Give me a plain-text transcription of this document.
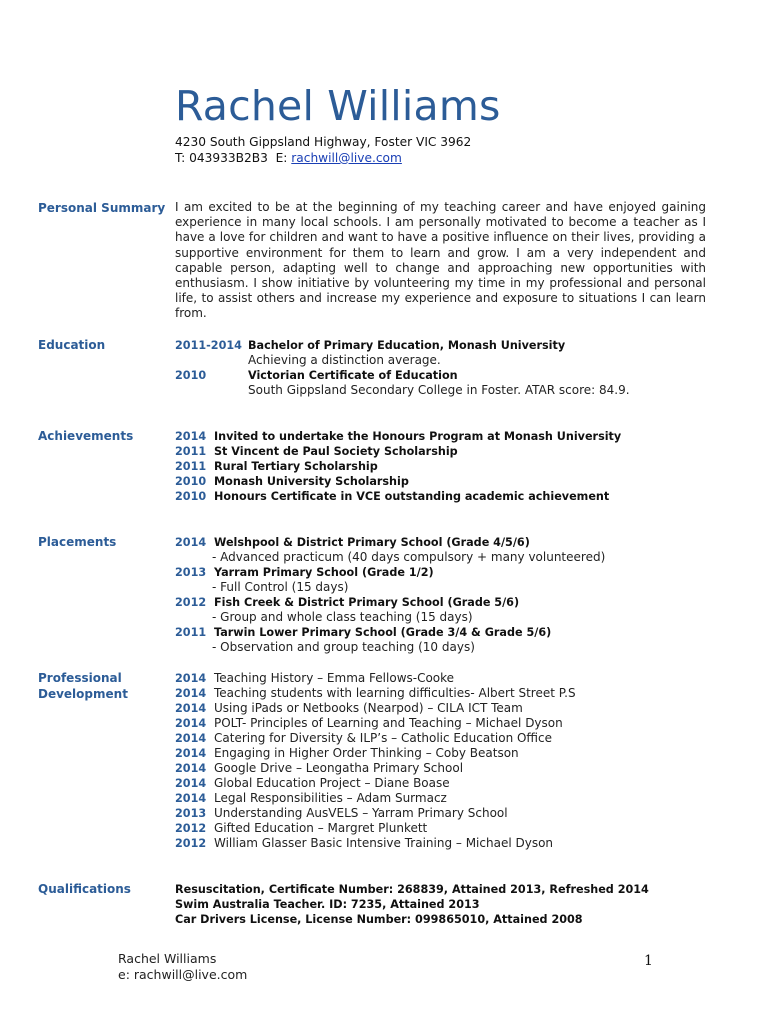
Rachel Williams
4230 South Gippsland Highway, Foster VIC 3962
T: 043933B2B3 E: rachwill@live.com
Personal Summary I am excited to be at the beginning of my teaching career and have enjoyed gaining experience in many local schools. I am personally motivated to become a teacher as I have a love for children and want to have a positive influence on their lives, providing a supportive environment for them to learn and grow. I am a very independent and capable person, adapting well to change and approaching new opportunities with enthusiasm. I show initiative by volunteering my time in my professional and personal life, to assist others and increase my experience and exposure to situations I can learn from.
Education	2011-2014 Bachelor of Primary Education, Monash University
Achieving a distinction average.
2010	Victorian Certificate of Education
South Gippsland Secondary College in Foster. ATAR score: 84.9.
Achievements	2014 Invited to undertake the Honours Program at Monash University
2011 St Vincent de Paul Society Scholarship
2011 Rural Tertiary Scholarship
2010 Monash University Scholarship
2010 Honours Certificate in VCE outstanding academic achievement
Placements	2014 Welshpool & District Primary School (Grade 4/5/6)
- Advanced practicum (40 days compulsory + many volunteered)
2013 Yarram Primary School (Grade 1/2)
- Full Control (15 days)
2012 Fish Creek & District Primary School (Grade 5/6)
- Group and whole class teaching (15 days)
2011 Tarwin Lower Primary School (Grade 3/4 & Grade 5/6)
- Observation and group teaching (10 days)
Professional
Development
2014 Teaching History – Emma Fellows-Cooke
2014 Teaching students with learning difficulties- Albert Street P.S
2014 Using iPads or Netbooks (Nearpod) – CILA ICT Team
2014 POLT- Principles of Learning and Teaching – Michael Dyson
2014 Catering for Diversity & ILP’s – Catholic Education Office
2014 Engaging in Higher Order Thinking – Coby Beatson
2014 Google Drive – Leongatha Primary School
2014 Global Education Project – Diane Boase
2014 Legal Responsibilities – Adam Surmacz
2013 Understanding AusVELS – Yarram Primary School
2012 Gifted Education – Margret Plunkett
2012 William Glasser Basic Intensive Training – Michael Dyson
Qualifications	Resuscitation, Certificate Number: 268839, Attained 2013, Refreshed 2014
Swim Australia Teacher. ID: 7235, Attained 2013
Car Drivers License, License Number: 099865010, Attained 2008
Rachel Williams
e: rachwill@live.com
1
